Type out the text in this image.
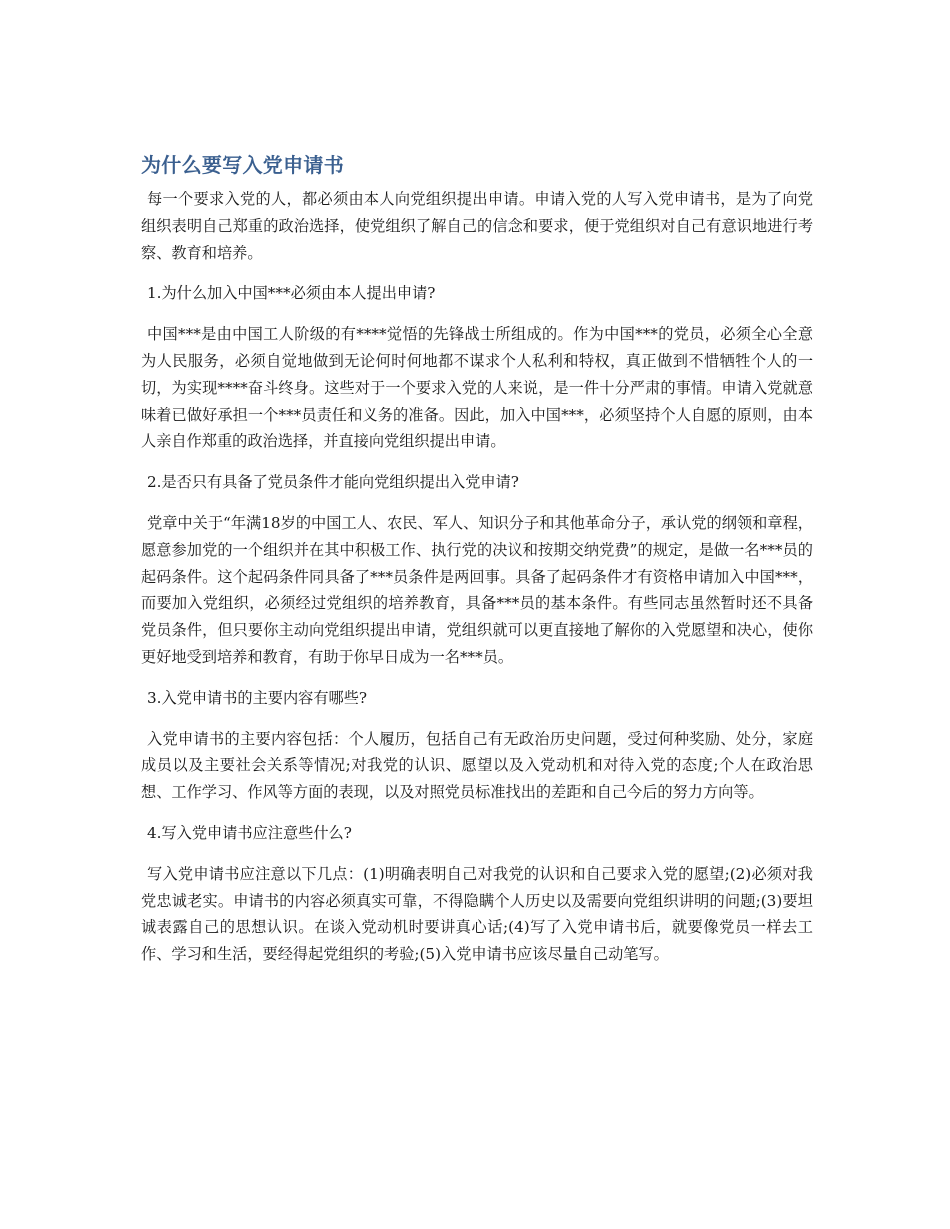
为什么要写入党申请书

每一个要求入党的人，都必须由本人向党组织提出申请。申请入党的人写入党申请书，是为了向党组织表明自己郑重的政治选择，使党组织了解自己的信念和要求，便于党组织对自己有意识地进行考察、教育和培养。

1.为什么加入中国***必须由本人提出申请?

中国***是由中国工人阶级的有****觉悟的先锋战士所组成的。作为中国***的党员，必须全心全意为人民服务，必须自觉地做到无论何时何地都不谋求个人私利和特权，真正做到不惜牺牲个人的一切，为实现****奋斗终身。这些对于一个要求入党的人来说，是一件十分严肃的事情。申请入党就意味着已做好承担一个***员责任和义务的准备。因此，加入中国***，必须坚持个人自愿的原则，由本人亲自作郑重的政治选择，并直接向党组织提出申请。

2.是否只有具备了党员条件才能向党组织提出入党申请?

党章中关于“年满18岁的中国工人、农民、军人、知识分子和其他革命分子，承认党的纲领和章程，愿意参加党的一个组织并在其中积极工作、执行党的决议和按期交纳党费”的规定，是做一名***员的起码条件。这个起码条件同具备了***员条件是两回事。具备了起码条件才有资格申请加入中国***，而要加入党组织，必须经过党组织的培养教育，具备***员的基本条件。有些同志虽然暂时还不具备党员条件，但只要你主动向党组织提出申请，党组织就可以更直接地了解你的入党愿望和决心，使你更好地受到培养和教育，有助于你早日成为一名***员。

3.入党申请书的主要内容有哪些?

入党申请书的主要内容包括：个人履历，包括自己有无政治历史问题，受过何种奖励、处分，家庭成员以及主要社会关系等情况;对我党的认识、愿望以及入党动机和对待入党的态度;个人在政治思想、工作学习、作风等方面的表现，以及对照党员标准找出的差距和自己今后的努力方向等。

4.写入党申请书应注意些什么?

写入党申请书应注意以下几点：(1)明确表明自己对我党的认识和自己要求入党的愿望;(2)必须对我党忠诚老实。申请书的内容必须真实可靠，不得隐瞒个人历史以及需要向党组织讲明的问题;(3)要坦诚表露自己的思想认识。在谈入党动机时要讲真心话;(4)写了入党申请书后，就要像党员一样去工作、学习和生活，要经得起党组织的考验;(5)入党申请书应该尽量自己动笔写。
